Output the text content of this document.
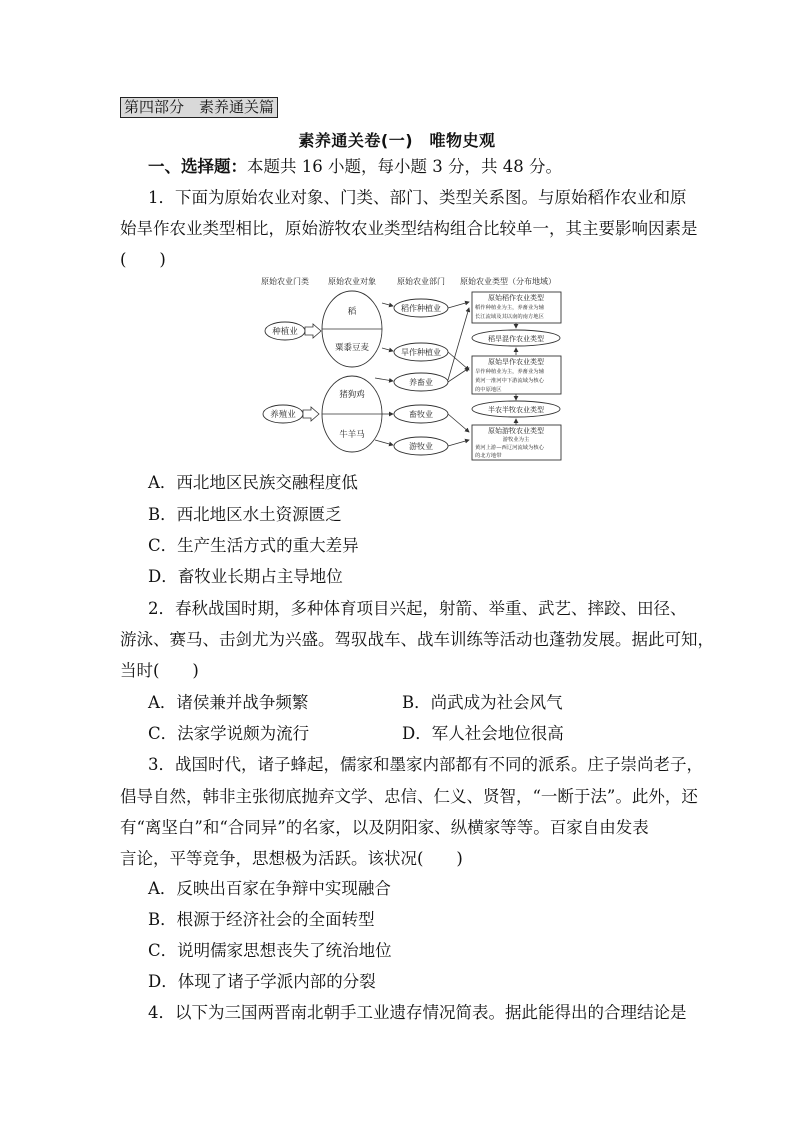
第四部分　素养通关篇
素养通关卷(一)　唯物史观
一、选择题：本题共 16 小题，每小题 3 分，共 48 分。
1．下面为原始农业对象、门类、部门、类型关系图。与原始稻作农业和原
始旱作农业类型相比，原始游牧农业类型结构组合比较单一，其主要影响因素是
(　　)
原始农业门类 原始农业对象	原始农业部门 原始农业类型（分布地域）
种植业
养殖业
稻
粟黍豆麦
猪狗鸡
牛羊马
稻作种植业
旱作种植业
养畜业
畜牧业
游牧业
原始稻作农业类型
稻作种植业为主，养畜业为辅
长江流域及其以南的南方地区
稻旱混作农业类型
原始旱作农业类型
旱作种植业为主，养畜业为辅
黄河一淮河中下游流域为核心
的中原地区
半农半牧农业类型
原始游牧农业类型
游牧业为主
黄河上游—西辽河流域为核心
的北方地带
A．西北地区民族交融程度低
B．西北地区水土资源匮乏
C．生产生活方式的重大差异
D．畜牧业长期占主导地位
2．春秋战国时期，多种体育项目兴起，射箭、举重、武艺、摔跤、田径、
游泳、赛马、击剑尤为兴盛。驾驭战车、战车训练等活动也蓬勃发展。据此可知，
当时(　　)
A．诸侯兼并战争频繁	B．尚武成为社会风气
C．法家学说颇为流行	D．军人社会地位很高
3．战国时代，诸子蜂起，儒家和墨家内部都有不同的派系。庄子崇尚老子，
倡导自然，韩非主张彻底抛弃文学、忠信、仁义、贤智，“一断于法”。此外，还
有“离坚白”和“合同异”的名家，以及阴阳家、纵横家等等。百家自由发表
言论，平等竞争，思想极为活跃。该状况(　　)
A．反映出百家在争辩中实现融合
B．根源于经济社会的全面转型
C．说明儒家思想丧失了统治地位
D．体现了诸子学派内部的分裂
4．以下为三国两晋南北朝手工业遗存情况简表。据此能得出的合理结论是
